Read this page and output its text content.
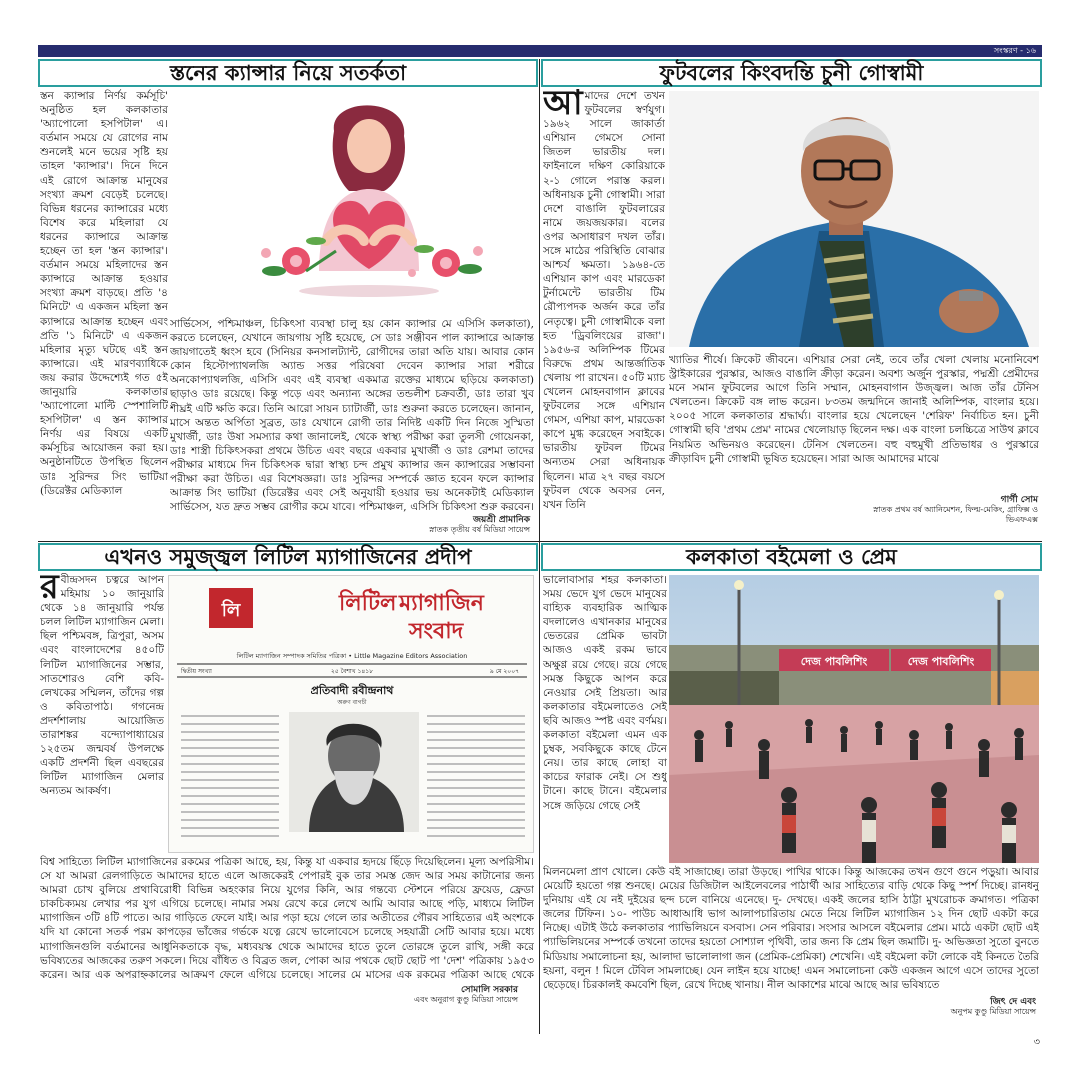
সংস্করণ - ১৬
স্তনের ক্যান্সার নিয়ে সতর্কতা
স্তন ক্যান্সার নির্ণয় কর্মসূচি' অনুষ্ঠিত হল কলকাতার 'অ্যাপোলো হসপিটাল' এ। বর্তমান সময়ে যে রোগের নাম শুনলেই মনে ভয়ের সৃষ্টি হয় তাহল 'ক্যান্সার'। দিনে দিনে এই রোগে আক্রান্ত মানুষের সংখ্যা ক্রমশ বেড়েই চলেছে। বিভিন্ন ধরনের ক্যান্সারের মধ্যে বিশেষ করে মহিলারা যে ধরনের ক্যান্সারে আক্রান্ত হচ্ছেন তা হল 'স্তন ক্যান্সার'। বর্তমান সময়ে মহিলাদের স্তন ক্যান্সারে আক্রান্ত হওয়ার সংখ্যা ক্রমশ বাড়ছে। প্রতি '৪ মিনিটে' এ একজন মহিলা স্তন ক্যান্সারে আক্রান্ত হচ্ছেন এবং প্রতি '১ মিনিটে' এ একজন মহিলার মৃত্যু ঘটছে এই স্তন ক্যান্সারে। এই মারণব্যাধিকে জয় করার উদ্দেশ্যেই গত ৫ই জানুয়ারি কলকাতার 'অ্যাপোলো মাল্টি স্পেশালিটি হসপিটাল' এ স্তন ক্যান্সার নির্ণয় এর বিষয়ে একটি কর্মসূচির আয়োজন করা হয়। অনুষ্ঠানটিতে উপস্থিত ছিলেন ডাঃ সুরিন্দর সিং ভাটিয়া (ডিরেক্টর মেডিক্যাল
সার্ভিসেস, পশ্চিমাঞ্চল, চিকিৎসা ব্যবস্থা চালু হয় কোন ক্যান্সার মে এসিসি কলকাতা), করতে চলেছেন, যেখানে জায়গায় সৃষ্টি হয়েছে, সে ডাঃ সঞ্জীবন পাল ক্যান্সারে আক্রান্ত জায়গাতেই ধ্বংস হবে (সিনিয়র কনসালট্যান্ট, রোগীদের তারা অতি যায়। আবার কোন কোন হিস্টোপ্যাথলজি অ্যান্ড সত্তর পরিষেবা দেবেন ক্যান্সার সারা শরীরে অনকোপ্যাথলজি, এসিসি এবং এই ব্যবস্থা একমাত্র রক্তের মাধ্যমে ছড়িয়ে কলকাতা) ছাড়াও ডাঃ রয়েছে। কিন্তু পড়ে এবং অন্যান্য অঙ্গের তন্ডলীশ চক্রবর্তী, ডাঃ তারা খুব শীঘ্রই এটি ক্ষতি করে। তিনি আরো সায়ন চ্যাটার্জী, ডাঃ শুরুনা করতে চলেছেন। জানান, মাসে অন্তত অর্পিতা সুব্রত, ডাঃ যেখানে রোগী তার নিদিষ্ট একটি দিন নিজে সুস্মিতা মুখার্জী, ডাঃ উষা সমস্যার কথা জানালেই, থেকে স্বাস্থ্য পরীক্ষা করা তুলসী গোয়েনকা, ডাঃ শাস্ত্রী চিকিৎসকরা প্রথমে উচিত এবং বছরে একবার মুখার্জী ও ডাঃ রেশমা তাদের পরীক্ষার মাধ্যমে দিন চিকিৎসক দ্বারা স্বাস্থ্য চন্দ প্রমুখ ক্যান্সার জন ক্যান্সারের সম্ভাবনা পরীক্ষা করা উচিত। এর বিশেষজ্ঞরা। ডাঃ সুরিন্দর সম্পর্কে জ্ঞাত হবেন ফলে ক্যান্সার আক্রান্ত সিং ভাটিয়া (ডিরেক্টর এবং সেই অনুযায়ী হওয়ার ভয় অনেকটাই মেডিক্যাল সার্ভিসেস, যত দ্রুত সম্ভব রোগীর কমে যাবে। পশ্চিমাঞ্চল, এসিসি চিকিৎসা শুরু করবেন।
জয়শ্রী প্রামানিক
স্নাতক তৃতীয় বর্ষ মিডিয়া সায়েন্স
ফুটবলের কিংবদন্তি চুনী গোস্বামী
আমাদের দেশে তখন ফুটবলের স্বর্ণযুগ। ১৯৬২ সালে জাকার্তা এশিয়ান গেমসে সোনা জিতল ভারতীয় দল। ফাইনালে দক্ষিণ কোরিয়াকে ২-১ গোলে পরাস্ত করল। অধিনায়ক চুনী গোস্বামী। সারা দেশে বাঙালি ফুটবলারের নামে জয়জয়কার। বলের ওপর অসাধারণ দখল তাঁর। সঙ্গে মাঠের পরিস্থিতি বোঝার আশ্চর্য ক্ষমতা। ১৯৬৪-তে এশিয়ান কাপ এবং মারডেকা টুর্নামেন্টে ভারতীয় টিম রৌপ্যপদক অর্জন করে তাঁর নেতৃত্বে। চুনী গোস্বামীকে বলা হত 'ড্রিবলিংয়ের রাজা'। ১৯৫৬-র অলিম্পিক টিমের বিরুদ্ধে প্রথম আন্তর্জাতিক খেলায় পা রাখেন। ৫০টি ম্যাচ খেলেন মোহনবাগান ক্লাবের ফুটবলের সঙ্গে এশিয়ান গেমস, এশিয়া কাপ, মারডেকা কাপে মুগ্ধ করেছেন সবাইকে। ভারতীয় ফুটবল টিমের অন্যতম সেরা অধিনায়ক ছিলেন। মাত্র ২৭ বছর বয়সে ফুটবল থেকে অবসর নেন, যখন তিনি
খ্যাতির শীর্ষে। ক্রিকেট জীবনে। এশিয়ার সেরা নেই, তবে তাঁর খেলা খেলায় মনোনিবেশ স্ট্রাইকারের পুরস্কার, আজও বাঙালি ক্রীড়া করেন। অবশ্য অর্জুন পুরস্কার, পদ্মশ্রী প্রেমীদের মনে সমান ফুটবলের আগে তিনি সম্মান, মোহনবাগান উজ্জ্বল। আজ তাঁর টেনিস খেলতেন। ক্রিকেট বঙ্গ লাভ করেন। ৮৩তম জন্মদিনে জানাই অলিম্পিক, বাংলার হয়ে। ২০০৫ সালে কলকাতার শ্রদ্ধার্ঘ্য। বাংলার হয়ে খেলেছেন 'শেরিফ' নির্বাচিত হন। চুনী গোস্বামী ছবি 'প্রথম প্রেম' নামের খেলোয়াড় ছিলেন দক্ষ। এক বাংলা চলচ্চিত্রে সাউথ ক্লাবে নিয়মিত অভিনয়ও করেছেন। টেনিস খেলতেন। বহু বহুমুখী প্রতিভাধর ও পুরস্কারে ক্রীড়াবিদ চুনী গোস্বামী ভূষিত হয়েছেন। সারা আজ আমাদের মাঝে
গার্গী সোম
স্নাতক প্রথম বর্ষ অ্যানিমেশন, ফিল্ম-মেকিং, গ্রাফিক্স ও ভিএফএক্স
এখনও সমুজ্জ্বল লিটিল ম্যাগাজিনের প্রদীপ
রবীন্দ্রসদন চত্বরে আপন মহিমায় ১০ জানুয়ারি থেকে ১৪ জানুয়ারি পর্যন্ত চলল লিটিল ম্যাগাজিন মেলা। ছিল পশ্চিমবঙ্গ, ত্রিপুরা, অসম এবং বাংলাদেশের ৪৫০টি লিটিল ম্যাগাজিনের সম্ভার, সাতশোরও বেশি কবি-লেখকের সম্মিলন, তাঁদের গল্প ও কবিতাপাঠ। গগনেন্দ্র প্রদর্শশালায় আয়োজিত তারাশঙ্কর বন্দ্যোপাধ্যায়ের ১২৫তম জন্মবর্ষ উপলক্ষে একটি প্রদর্শনী ছিল এবছরের লিটিল ম্যাগাজিন মেলার অন্যতম আকর্ষণ।
লি	লিটিল ম্যাগাজিন
সংবাদ
লিটিল ম্যাগাজিন সম্পাদক সমিতির পত্রিকা • Little Magazine Editors Association
দ্বিতীয় সংখ্যা	২৫ বৈশাখ ১৪১৮	৯ মে ২০০৭
প্রতিবাদী রবীন্দ্রনাথ
অরুণ বাগচী
বিশ্ব সাহিত্যে লিটিল ম্যাগাজিনের রকমের পত্রিকা আছে, হয়, কিন্তু যা একবার হৃদয়ে ছিঁড়ে দিয়েছিলেন। মূল্য অপরিসীম। সে যা আমরা রেলগাড়িতে আমাদের হাতে এলে আজকেরই পেপারই বুক তার সমস্ত জেদ আর সময় কাটানোর জন্য আমরা চোখ বুলিয়ে প্রথাবিরোধী বিভিন্ন অহংকার নিয়ে যুগের কিনি, আর গন্তব্যে স্টেশনে পরিয়ে ফ্রয়েড, ফ্রেডা চাকচিক্যময় লেখার পর যুগ এগিয়ে চলেছে। নামার সময় রেখে করে লেখে আমি আবার আছে পড়ি, মাধ্যমে লিটিল ম্যাগাজিন ৩টি ৪টি পাতে। আর গাড়িতে ফেলে যাই। আর পড়া হয়ে গেলে তার অতীতের গৌরব সাহিত্যের এই অংশকে যদি যা কোনো সতর্ক পরম কাপড়ের ভাঁজের গর্ভকে যত্নে রেখে ভালোবেসে চলেছে সহযাত্রী সেটি আবার হয়ে। মধ্যে ম্যাগাজিনগুলি বর্তমানের আধুনিকতাকে বৃদ্ধ, মধ্যবয়স্ক থেকে আমাদের হাতে তুলে তোরঙ্গে তুলে রাখি, সঙ্গী করে ভবিষ্যতের আজকের তরুণ সকলে। দিয়ে বাঁধিত ও বিব্রত জল, পোকা আর পথকে ছোট ছোট পা 'দেশ' পত্রিকায় ১৯৫৩ করেন। আর এক অপরাহ্নকালের আক্রমণ ফেলে এগিয়ে চলেছে। সালের মে মাসের এক রকমের পত্রিকা আছে থেকে
সোমালি সরকার
এবং অনুরাগ কুণ্ডু মিডিয়া সায়েন্স
কলকাতা বইমেলা ও প্রেম
ভালোবাসার শহর কলকাতা। সময় ভেদে যুগ ভেদে মানুষের বাহ্যিক ব্যবহারিক আত্মিক বদলালেও এখানকার মানুষের ভেতরের প্রেমিক ভাবটা আজও একই রকম ভাবে অক্ষুণ্ণ রয়ে গেছে। রয়ে গেছে সমস্ত কিছুকে আপন করে নেওয়ার সেই প্রিয়তা। আর কলকাতার বইমেলাতেও সেই ছবি আজও স্পষ্ট এবং বর্ণময়। কলকাতা বইমেলা এমন এক চুম্বক, সবকিছুকে কাছে টেনে নেয়। তার কাছে লোহা বা কাচের ফারাক নেই। সে শুধু টানে। কাছে টানে। বইমেলার সঙ্গে জড়িয়ে গেছে সেই
দেজ পাবলিশিং	দেজ পাবলিশিং
মিলনমেলা প্রাণ খোলে। কেউ বই সাজাচ্ছে। তারা উড়ছে। পাখির থাকে। কিন্তু আজকের তখন গুণে গুনে পড়ুয়া। আবার মেয়েটি হয়তো গল্প শুনছে। মেয়ের ডিজিটাল আইলেবলের পাঠার্থী আর সাহিত্যের বাড়ি থেকে কিছু স্পর্শ দিচ্ছে। রানধনু দুনিয়ায় এই যে নই দুইয়ের ছন্দ চলে বানিয়ে এনেছে। দু- দেখছে। একই জলের হাসি ঠাট্টা মুখরোচক ক্রমাগত। পত্রিকা জলের টিফিন। ১০- পাউচ আধাআধি ভাগ আলাপচারিতায় মেতে নিয়ে লিটিল ম্যাগাজিন ১২ দিন ছোট একটা করে নিচ্ছে। এটাই উঠে কলকাতার প্যাভিলিয়নে বসবাস। সেন পরিবার। সংসার আসলে বইমেলার প্রেম। মাঠে একটা ছোট এই প্যাভিলিয়নের সম্পর্কে তখনো তাদের হয়তো সোশ্যাল পৃথিবী, তার জন্য কি প্রেম ছিল জমাটি। দু- অভিজ্ঞতা সুতো বুনতে মিডিয়ায় সমালোচনা হয়, আলাদা ভালোলাগা জন (প্রেমিক-প্রেমিকা) শেখেনি। এই বইমেলা কটা লোকে বই কিনতে তৈরি হয়না, বলুন ! মিলে টেবিল সামলাচ্ছে। যেন লাইন হয়ে যাচ্ছে! এমন সমালোচনা কেউ একজন আগে এসে তাদের সুতো ছেড়েছে। চিরকালই কমবেশি ছিল, রেখে দিচ্ছে খানায়। নীল আকাশের মাঝে আছে আর ভবিষ্যতে
জিৎ দে এবং
অনুপম কুণ্ডু মিডিয়া সায়েন্স
৩
